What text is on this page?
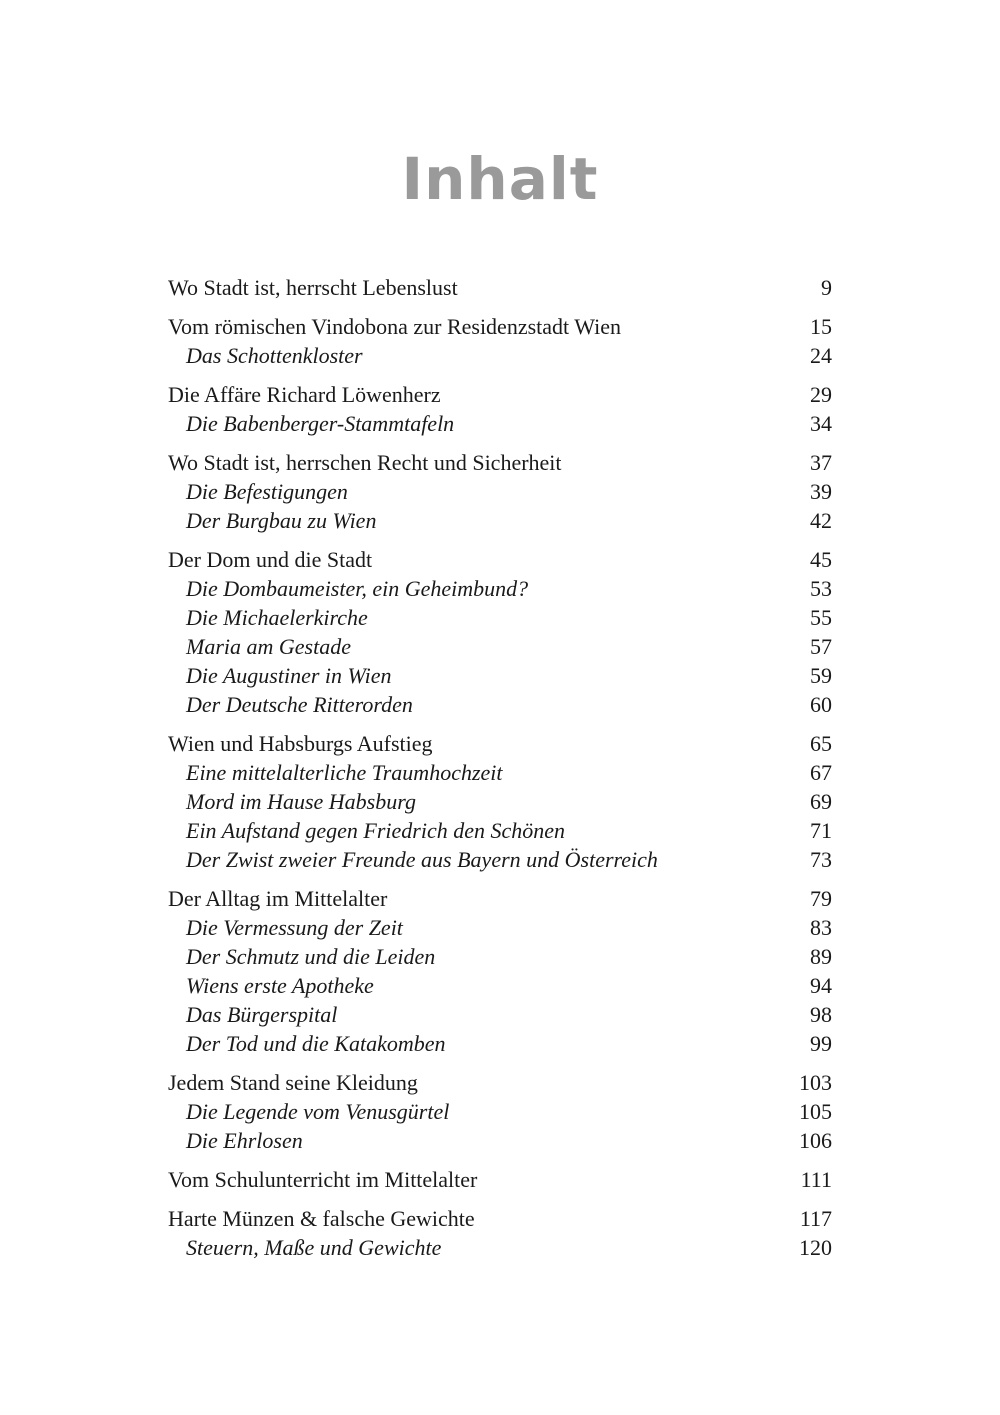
Inhalt
Wo Stadt ist, herrscht Lebenslust	9
Vom römischen Vindobona zur Residenzstadt Wien	15
Das Schottenkloster	24
Die Affäre Richard Löwenherz	29
Die Babenberger-Stammtafeln	34
Wo Stadt ist, herrschen Recht und Sicherheit	37
Die Befestigungen	39
Der Burgbau zu Wien	42
Der Dom und die Stadt	45
Die Dombaumeister, ein Geheimbund?	53
Die Michaelerkirche	55
Maria am Gestade	57
Die Augustiner in Wien	59
Der Deutsche Ritterorden	60
Wien und Habsburgs Aufstieg	65
Eine mittelalterliche Traumhochzeit	67
Mord im Hause Habsburg	69
Ein Aufstand gegen Friedrich den Schönen	71
Der Zwist zweier Freunde aus Bayern und Österreich	73
Der Alltag im Mittelalter	79
Die Vermessung der Zeit	83
Der Schmutz und die Leiden	89
Wiens erste Apotheke	94
Das Bürgerspital	98
Der Tod und die Katakomben	99
Jedem Stand seine Kleidung	103
Die Legende vom Venusgürtel	105
Die Ehrlosen	106
Vom Schulunterricht im Mittelalter	111
Harte Münzen & falsche Gewichte	117
Steuern, Maße und Gewichte	120
